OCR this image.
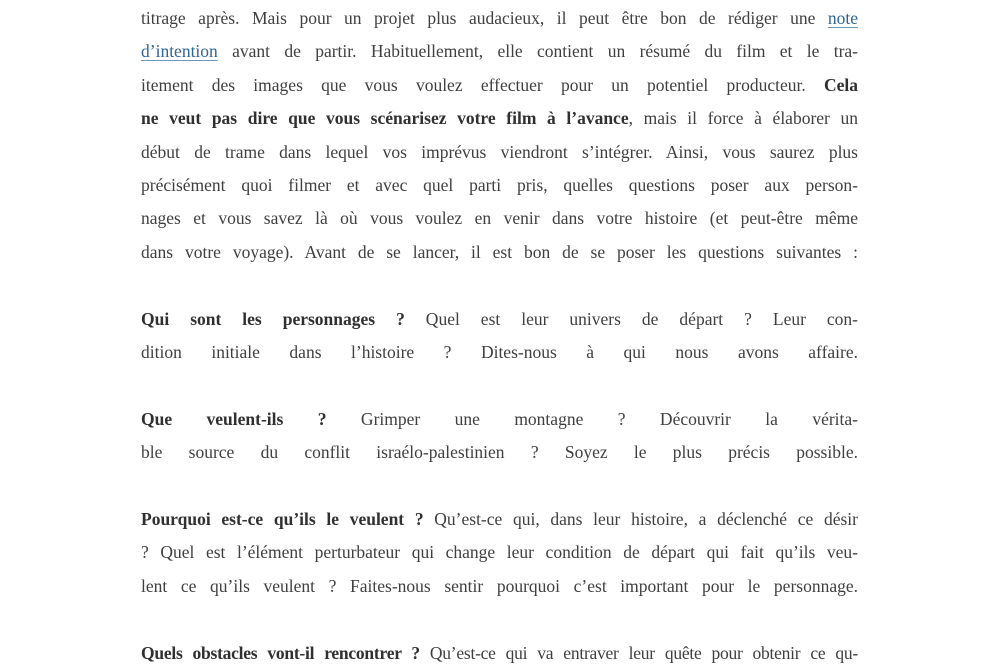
titrage après. Mais pour un projet plus audacieux, il peut être bon de rédiger une note
d’intention avant de partir. Habituellement, elle contient un résumé du film et le tra-
itement des images que vous voulez effectuer pour un potentiel producteur. Cela
ne veut pas dire que vous scénarisez votre film à l’avance, mais il force à élaborer un
début de trame dans lequel vos imprévus viendront s’intégrer. Ainsi, vous saurez plus
précisément quoi filmer et avec quel parti pris, quelles questions poser aux person-
nages et vous savez là où vous voulez en venir dans votre histoire (et peut-être même
dans votre voyage). Avant de se lancer, il est bon de se poser les questions suivantes :
Qui sont les personnages ? Quel est leur univers de départ ? Leur con-
dition initiale dans l’histoire ? Dites-nous à qui nous avons affaire.
Que veulent-ils ? Grimper une montagne ? Découvrir la vérita-
ble source du conflit israélo-palestinien ? Soyez le plus précis possible.
Pourquoi est-ce qu’ils le veulent ? Qu’est-ce qui, dans leur histoire, a déclenché ce désir
? Quel est l’élément perturbateur qui change leur condition de départ qui fait qu’ils veu-
lent ce qu’ils veulent ? Faites-nous sentir pourquoi c’est important pour le personnage.
Quels obstacles vont-il rencontrer ? Qu’est-ce qui va entraver leur quête pour obtenir ce qu-
